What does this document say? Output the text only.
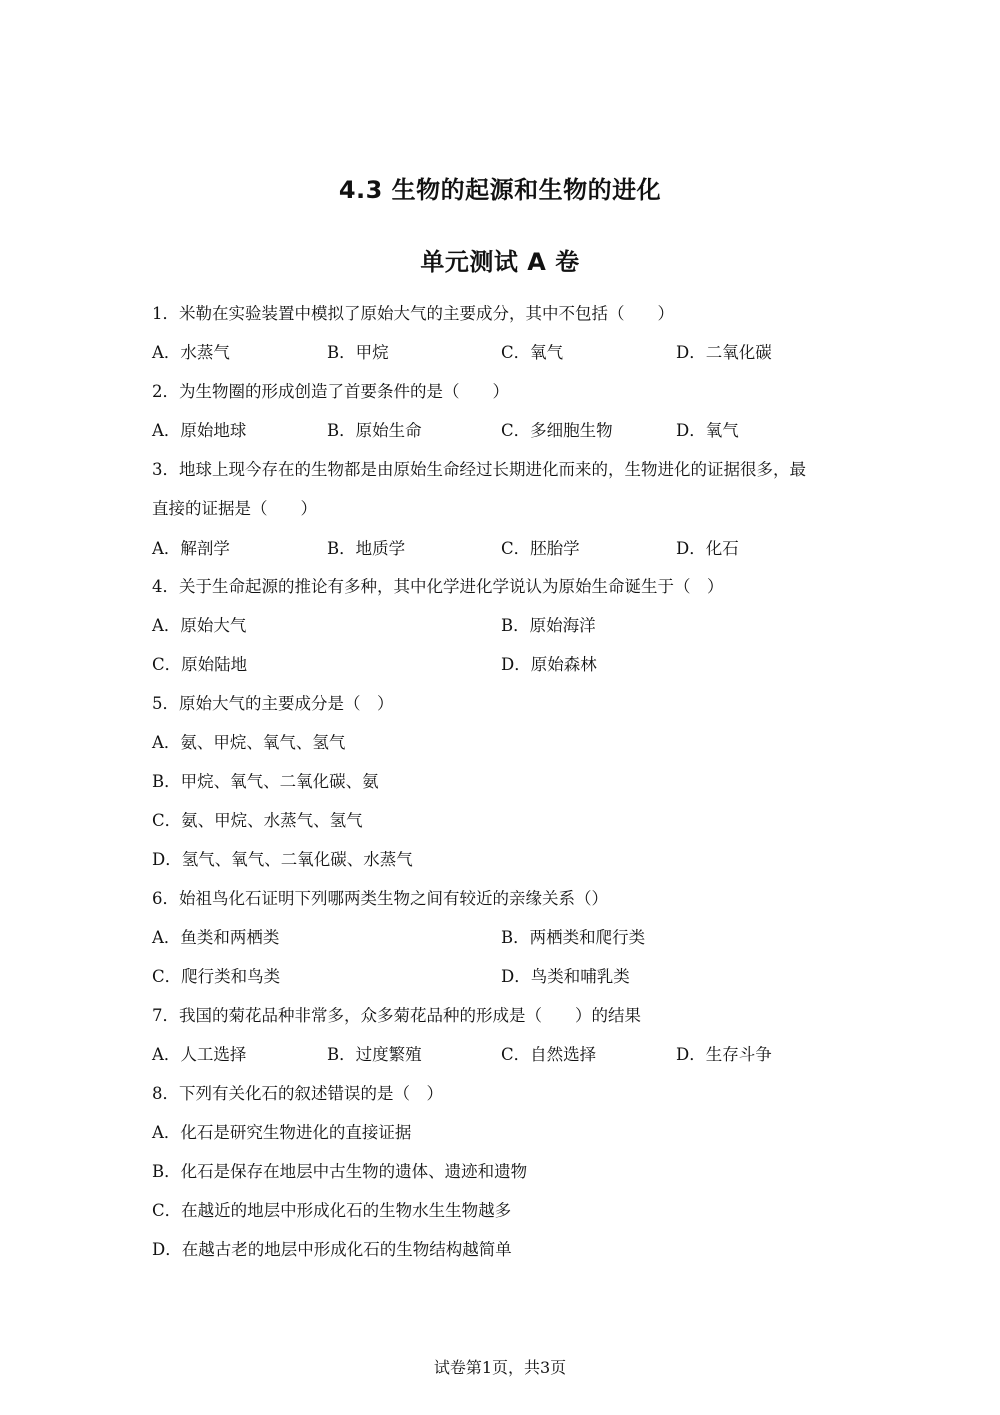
4.3 生物的起源和生物的进化
单元测试 A 卷
1．米勒在实验装置中模拟了原始大气的主要成分，其中不包括（　　）
A．水蒸气	B．甲烷	C．氧气	D．二氧化碳
2．为生物圈的形成创造了首要条件的是（　　）
A．原始地球	B．原始生命	C．多细胞生物	D．氧气
3．地球上现今存在的生物都是由原始生命经过长期进化而来的，生物进化的证据很多，最
直接的证据是（　　）
A．解剖学	B．地质学	C．胚胎学	D．化石
4．关于生命起源的推论有多种，其中化学进化学说认为原始生命诞生于（　）
A．原始大气	B．原始海洋
C．原始陆地	D．原始森林
5．原始大气的主要成分是（　）
A．氨、甲烷、氧气、氢气
B．甲烷、氧气、二氧化碳、氨
C．氨、甲烷、水蒸气、氢气
D．氢气、氧气、二氧化碳、水蒸气
6．始祖鸟化石证明下列哪两类生物之间有较近的亲缘关系（）
A．鱼类和两栖类	B．两栖类和爬行类
C．爬行类和鸟类	D．鸟类和哺乳类
7．我国的菊花品种非常多，众多菊花品种的形成是（　　）的结果
A．人工选择	B．过度繁殖	C．自然选择	D．生存斗争
8．下列有关化石的叙述错误的是（　）
A．化石是研究生物进化的直接证据
B．化石是保存在地层中古生物的遗体、遗迹和遗物
C．在越近的地层中形成化石的生物水生生物越多
D．在越古老的地层中形成化石的生物结构越简单
试卷第1页，共3页
